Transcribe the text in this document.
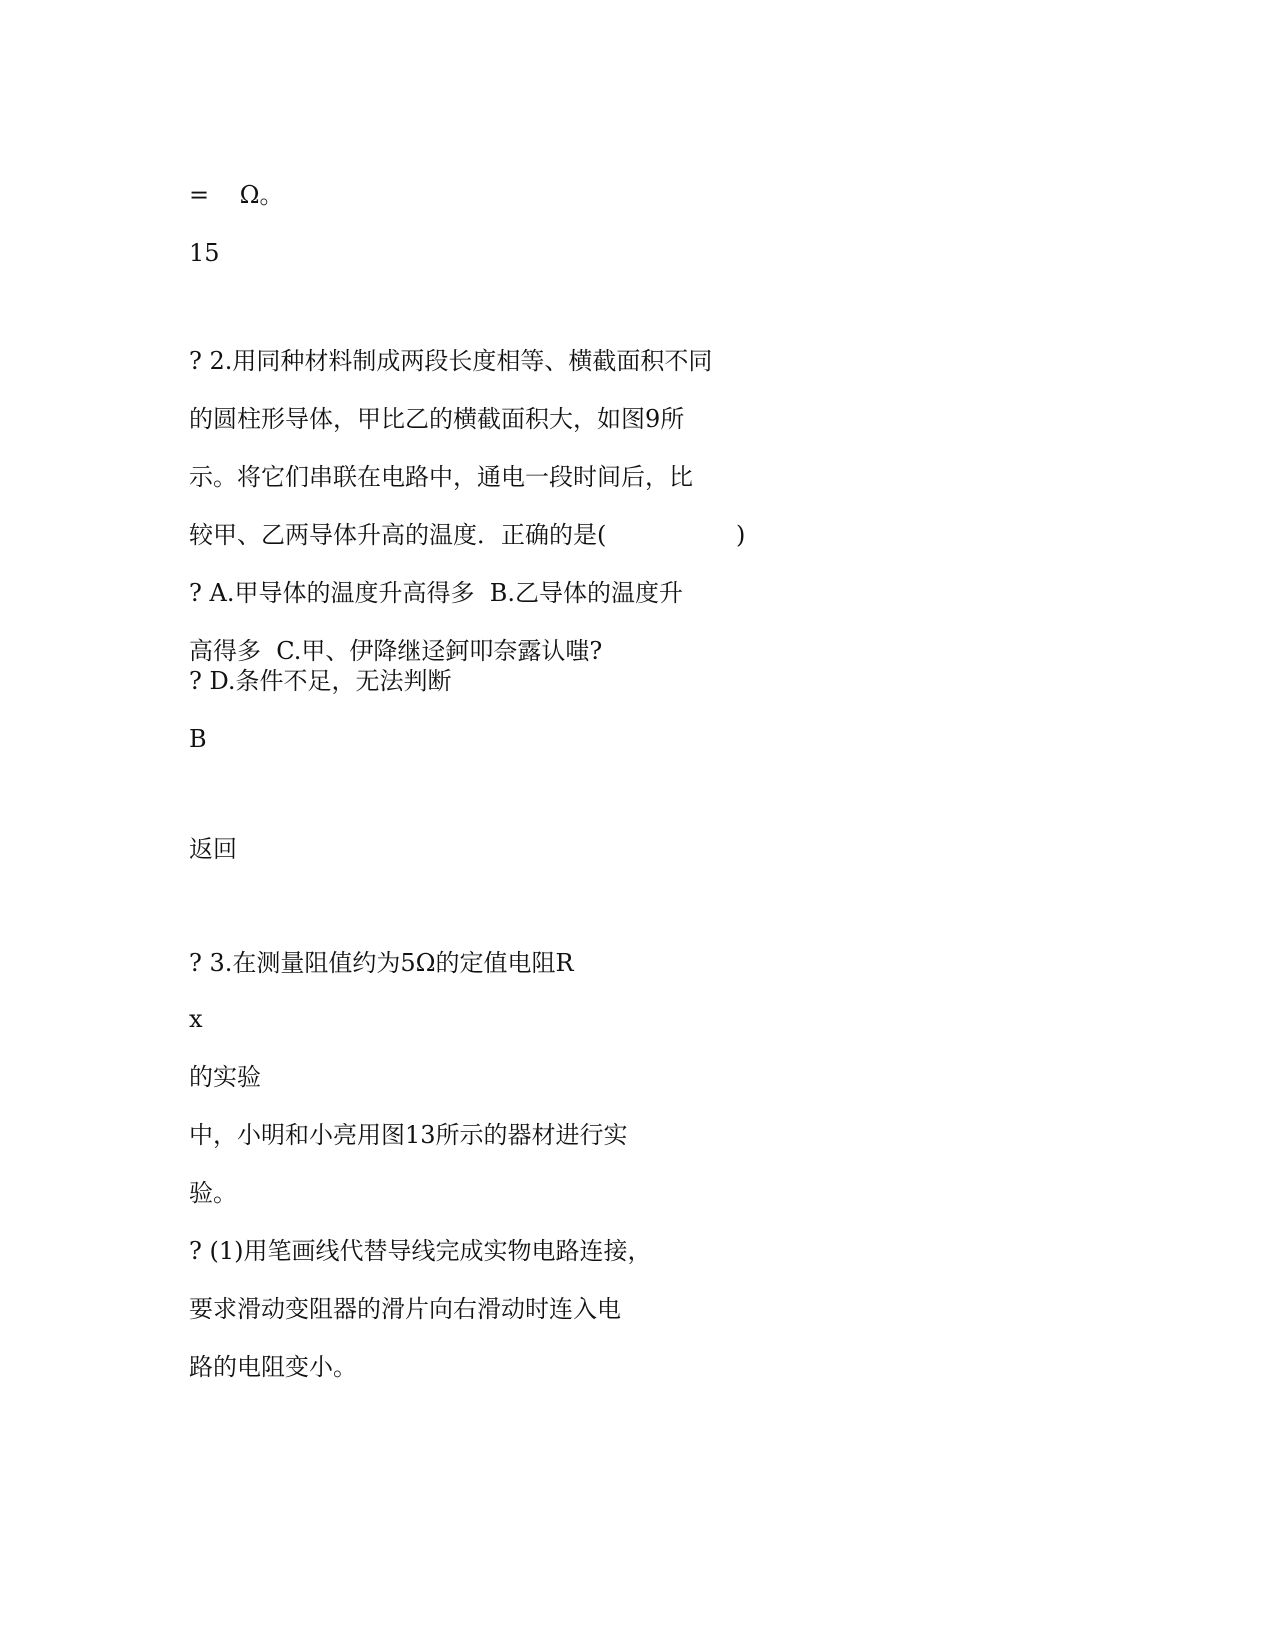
=    Ω。

15

? 2.用同种材料制成两段长度相等、横截面积不同

的圆柱形导体，甲比乙的横截面积大，如图9所

示。将它们串联在电路中，通电一段时间后，比

较甲、乙两导体升高的温度．正确的是(                 )

? A.甲导体的温度升高得多  B.乙导体的温度升

高得多  C.甲、伊降继迳鈳叩奈露认嗤?

? D.条件不足，无法判断

B

返回

? 3.在测量阻值约为5Ω的定值电阻R

x

的实验

中，小明和小亮用图13所示的器材进行实

验。

? (1)用笔画线代替导线完成实物电路连接，

要求滑动变阻器的滑片向右滑动时连入电

路的电阻变小。
